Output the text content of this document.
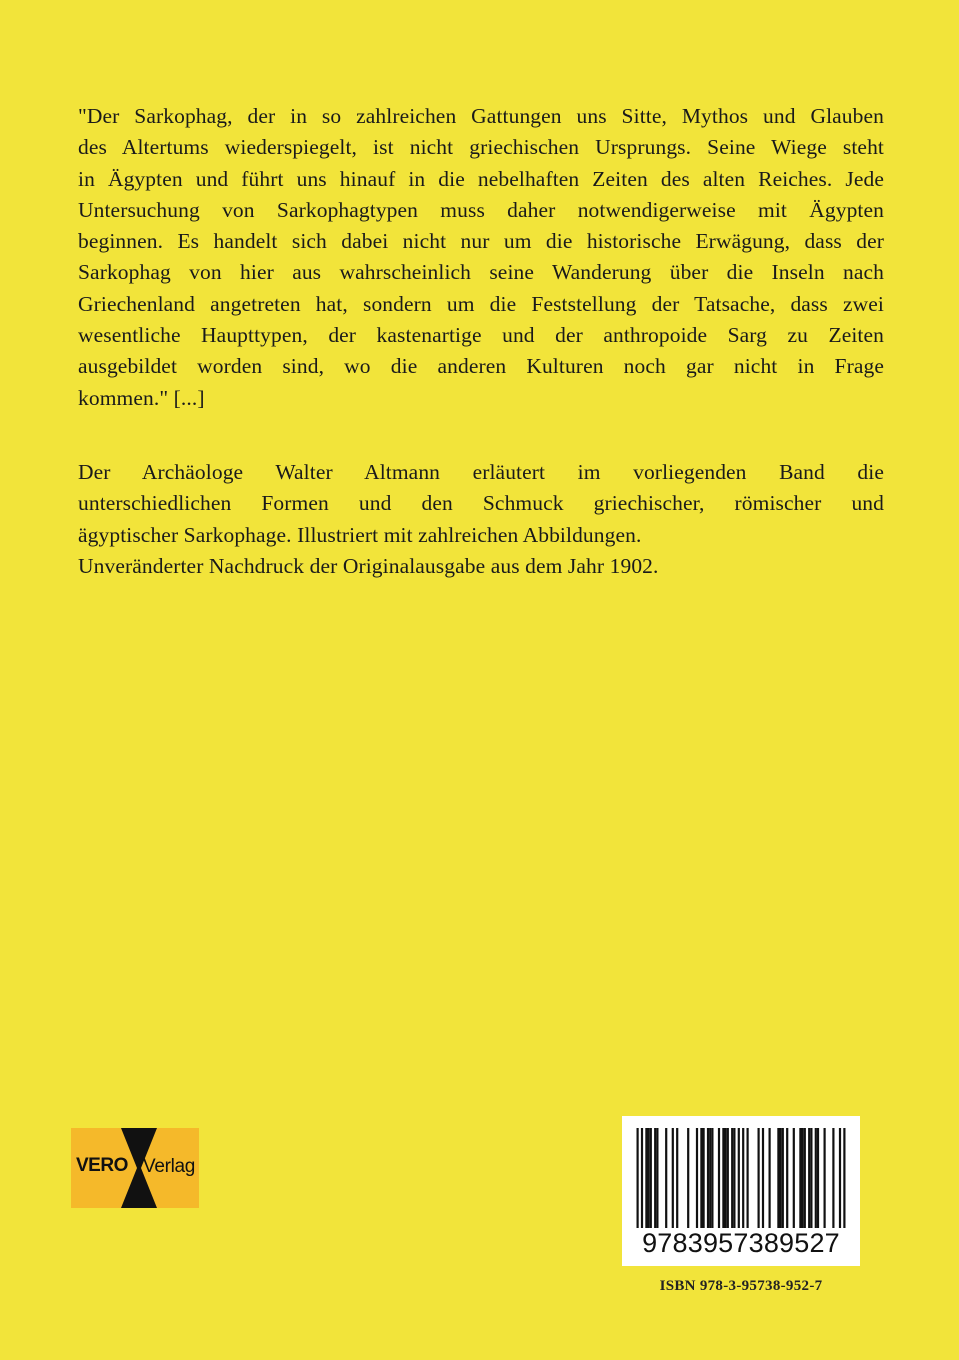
"Der Sarkophag, der in so zahlreichen Gattungen uns Sitte, Mythos und Glauben
des Altertums wiederspiegelt, ist nicht griechischen Ursprungs. Seine Wiege steht
in Ägypten und führt uns hinauf in die nebelhaften Zeiten des alten Reiches. Jede
Untersuchung von Sarkophagtypen muss daher notwendigerweise mit Ägypten
beginnen. Es handelt sich dabei nicht nur um die historische Erwägung, dass der
Sarkophag von hier aus wahrscheinlich seine Wanderung über die Inseln nach
Griechenland angetreten hat, sondern um die Feststellung der Tatsache, dass zwei
wesentliche Haupttypen, der kastenartige und der anthropoide Sarg zu Zeiten
ausgebildet worden sind, wo die anderen Kulturen noch gar nicht in Frage
kommen." [...]
Der Archäologe Walter Altmann erläutert im vorliegenden Band die
unterschiedlichen Formen und den Schmuck griechischer, römischer und
ägyptischer Sarkophage. Illustriert mit zahlreichen Abbildungen.
Unveränderter Nachdruck der Originalausgabe aus dem Jahr 1902.
VERO Verlag
9783957389527
ISBN 978-3-95738-952-7
